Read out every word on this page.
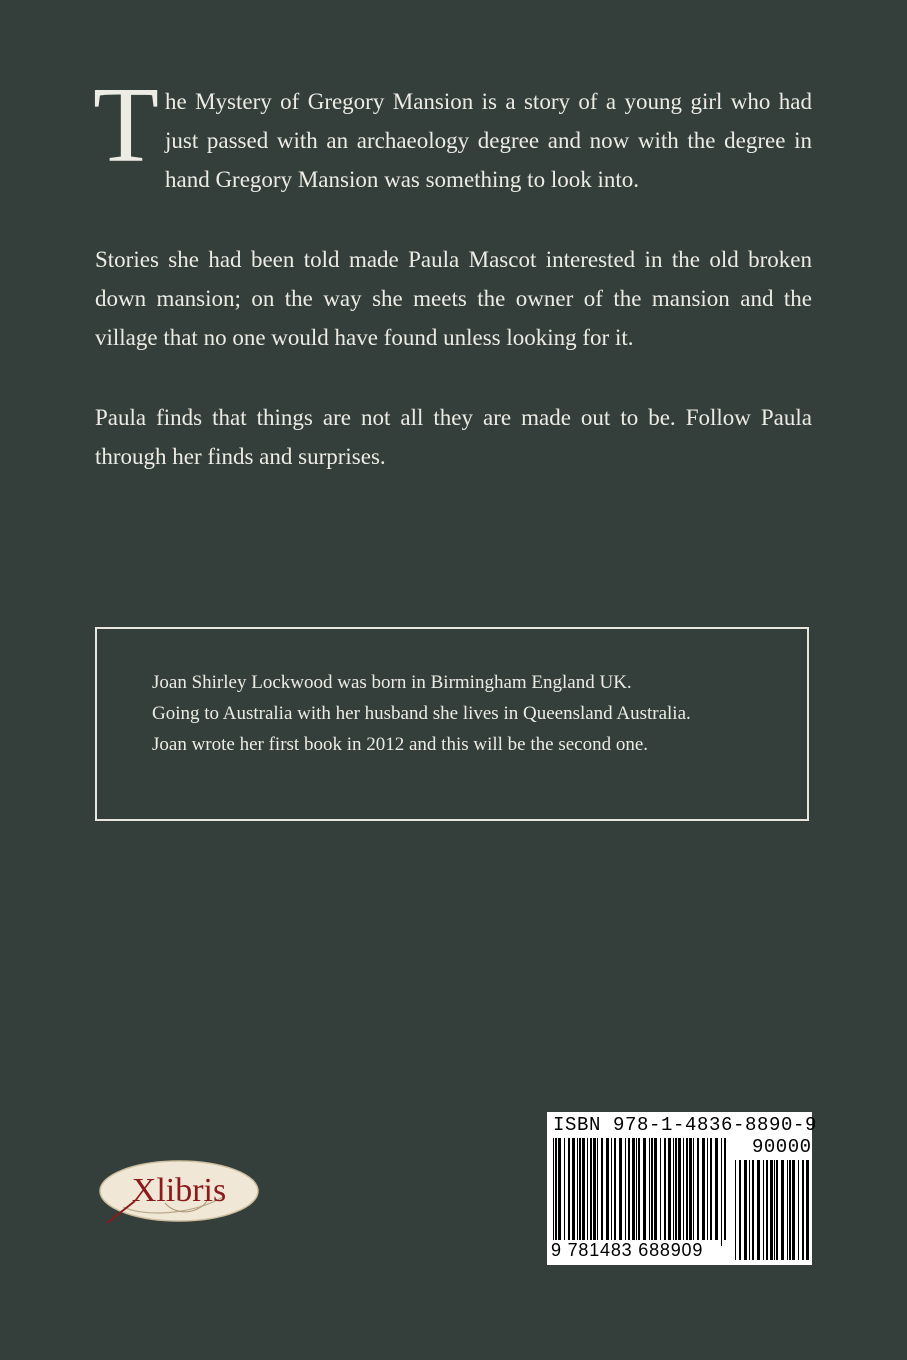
The Mystery of Gregory Mansion is a story of a young girl who had just passed with an archaeology degree and now with the degree in hand Gregory Mansion was something to look into.

Stories she had been told made Paula Mascot interested in the old broken down mansion; on the way she meets the owner of the mansion and the village that no one would have found unless looking for it.

Paula finds that things are not all they are made out to be. Follow Paula through her finds and surprises.

Joan Shirley Lockwood was born in Birmingham England UK.
Going to Australia with her husband she lives in Queensland Australia.
Joan wrote her first book in 2012 and this will be the second one.
Xlibris
ISBN 978-1-4836-8890-9
90000
9 781483 688909
